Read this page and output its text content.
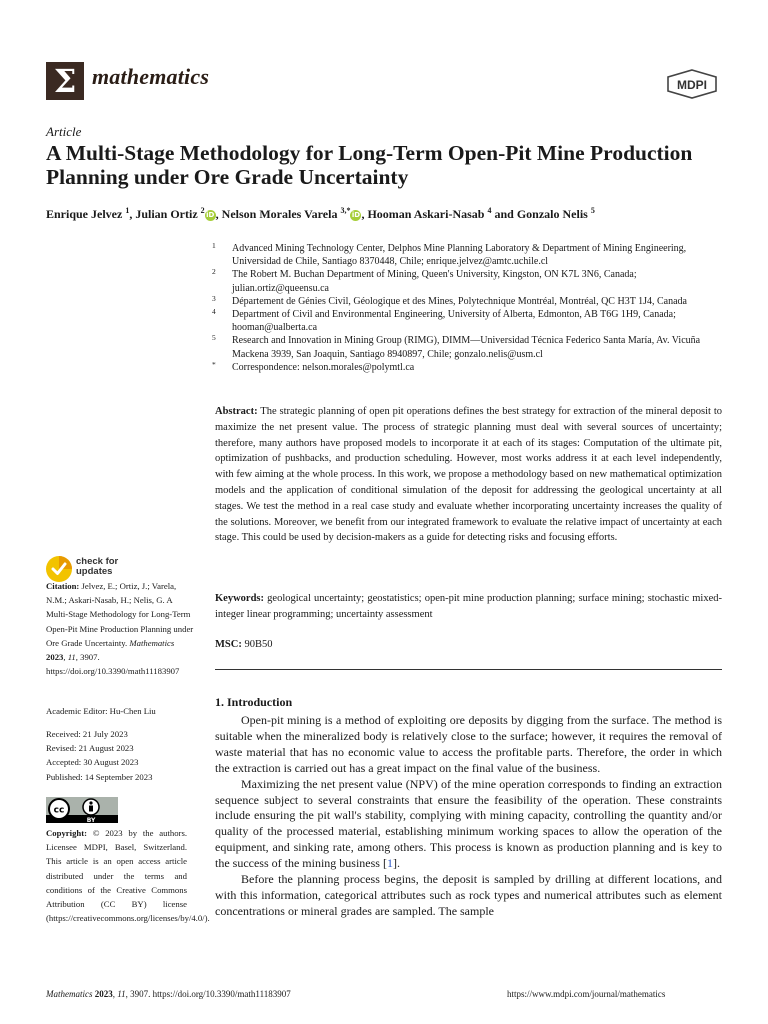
Σ mathematics	MDPI
Article
A Multi-Stage Methodology for Long-Term Open-Pit Mine Production Planning under Ore Grade Uncertainty
Enrique Jelvez $^1$, Julian Ortiz $^2$iD, Nelson Morales Varela $^{3,*}$iD, Hooman Askari-Nasab $^4$ and Gonzalo Nelis $^5$
1 Advanced Mining Technology Center, Delphos Mine Planning Laboratory & Department of Mining Engineering, Universidad de Chile, Santiago 8370448, Chile; enrique.jelvez@amtc.uchile.cl
2 The Robert M. Buchan Department of Mining, Queen's University, Kingston, ON K7L 3N6, Canada; julian.ortiz@queensu.ca
3 Département de Génies Civil, Géologique et des Mines, Polytechnique Montréal, Montréal, QC H3T 1J4, Canada
4 Department of Civil and Environmental Engineering, University of Alberta, Edmonton, AB T6G 1H9, Canada; hooman@ualberta.ca
5 Research and Innovation in Mining Group (RIMG), DIMM—Universidad Técnica Federico Santa María, Av. Vicuña Mackena 3939, San Joaquin, Santiago 8940897, Chile; gonzalo.nelis@usm.cl
* Correspondence: nelson.morales@polymtl.ca
Abstract: The strategic planning of open pit operations defines the best strategy for extraction of the mineral deposit to maximize the net present value. The process of strategic planning must deal with several sources of uncertainty; therefore, many authors have proposed models to incorporate it at each of its stages: Computation of the ultimate pit, optimization of pushbacks, and production scheduling. However, most works address it at each level independently, with few aiming at the whole process. In this work, we propose a methodology based on new mathematical optimization models and the application of conditional simulation of the deposit for addressing the geological uncertainty at all stages. We test the method in a real case study and evaluate whether incorporating uncertainty increases the quality of the solutions. Moreover, we benefit from our integrated framework to evaluate the relative impact of uncertainty at each stage. This could be used by decision-makers as a guide for detecting risks and focusing efforts.
Keywords: geological uncertainty; geostatistics; open-pit mine production planning; surface mining; stochastic mixed-integer linear programming; uncertainty assessment
MSC: 90B50
1. Introduction

Open-pit mining is a method of exploiting ore deposits by digging from the surface. The method is suitable when the mineralized body is relatively close to the surface; however, it requires the removal of waste material that has no economic value to access the profitable parts. Therefore, the order in which the extraction is carried out has a great impact on the final value of the business.

Maximizing the net present value (NPV) of the mine operation corresponds to finding an extraction sequence subject to several constraints that ensure the feasibility of the operation. These constraints include ensuring the pit wall's stability, complying with mining capacity, controlling the quantity and/or quality of the processed material, establishing minimum working spaces to allow the operation of the equipment, and sinking rate, among others. This process is known as production planning and is key to the success of the mining business [1].

Before the planning process begins, the deposit is sampled by drilling at different locations, and with this information, categorical attributes such as rock types and numerical attributes such as element concentrations or mineral grades are sampled. The sample

check for
updates
Citation: Jelvez, E.; Ortiz, J.; Varela, N.M.; Askari-Nasab, H.; Nelis, G. A Multi-Stage Methodology for Long-Term Open-Pit Mine Production Planning under Ore Grade Uncertainty. Mathematics 2023, 11, 3907. https://doi.org/10.3390/math11183907
Academic Editor: Hu-Chen Liu
Received: 21 July 2023
Revised: 21 August 2023
Accepted: 30 August 2023
Published: 14 September 2023
cc
BY
Copyright: © 2023 by the authors. Licensee MDPI, Basel, Switzerland. This article is an open access article distributed under the terms and conditions of the Creative Commons Attribution (CC BY) license (https://creativecommons.org/licenses/by/4.0/).
Mathematics 2023, 11, 3907. https://doi.org/10.3390/math11183907	https://www.mdpi.com/journal/mathematics
